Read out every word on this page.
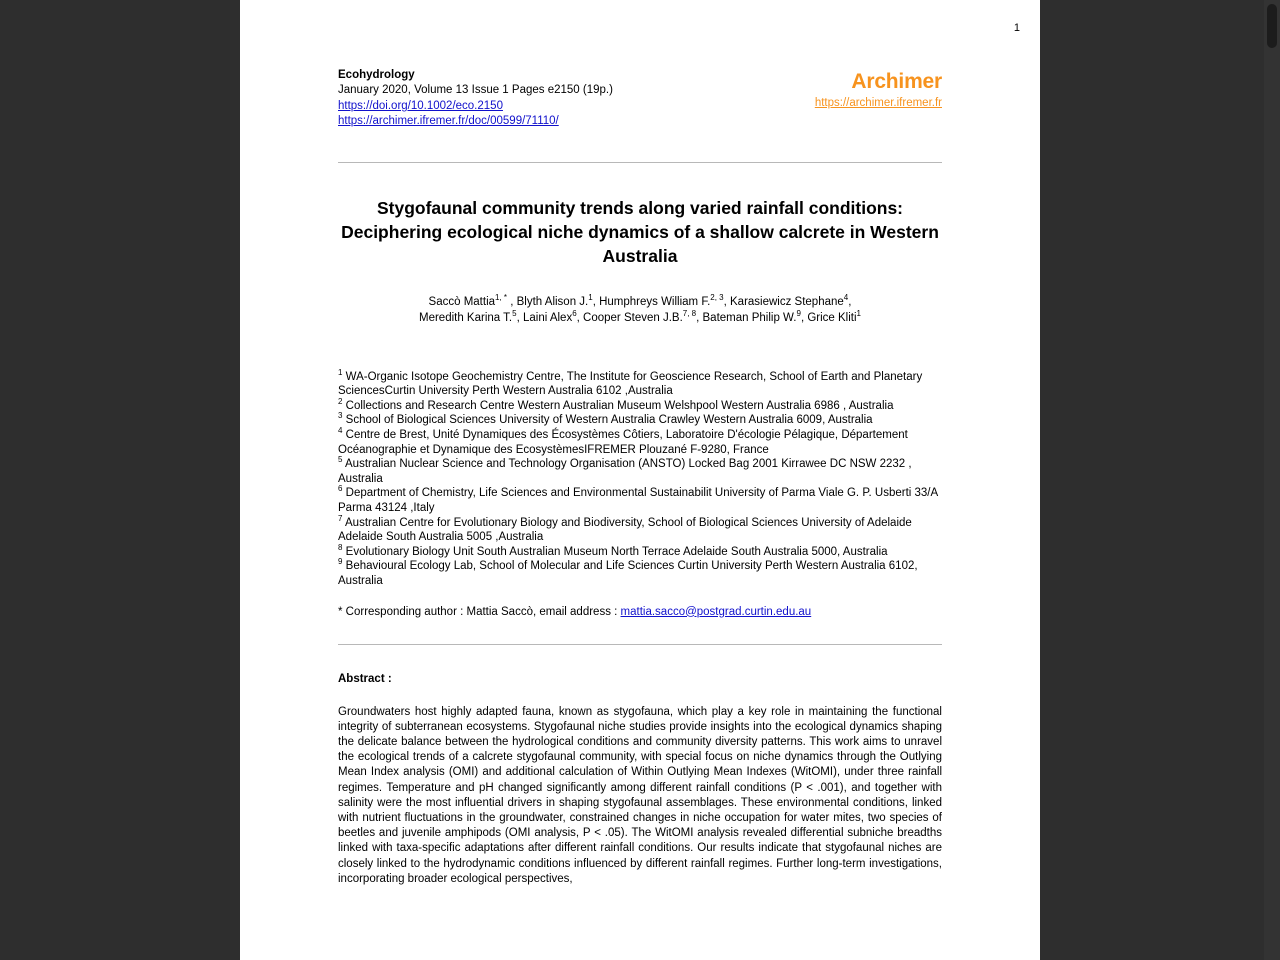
1
Ecohydrology
January 2020, Volume 13 Issue 1 Pages e2150 (19p.)
https://doi.org/10.1002/eco.2150
https://archimer.ifremer.fr/doc/00599/71110/
Archimer
https://archimer.ifremer.fr
Stygofaunal community trends along varied rainfall conditions: Deciphering ecological niche dynamics of a shallow calcrete in Western Australia
Saccò Mattia$^{1, *}$ , Blyth Alison J.$^1$, Humphreys William F.$^{2, 3}$, Karasiewicz Stephane$^4$,
Meredith Karina T.$^5$, Laini Alex$^6$, Cooper Steven J.B.$^{7, 8}$, Bateman Philip W.$^9$, Grice Kliti$^1$

$^1$ WA-Organic Isotope Geochemistry Centre, The Institute for Geoscience Research, School of Earth and Planetary SciencesCurtin University Perth Western Australia 6102 ,Australia

$^2$ Collections and Research Centre Western Australian Museum Welshpool Western Australia 6986 , Australia

$^3$ School of Biological Sciences University of Western Australia Crawley Western Australia 6009, Australia

$^4$ Centre de Brest, Unité Dynamiques des Écosystèmes Côtiers, Laboratoire D'écologie Pélagique, Département Océanographie et Dynamique des EcosystèmesIFREMER Plouzané F-9280, France

$^5$ Australian Nuclear Science and Technology Organisation (ANSTO) Locked Bag 2001 Kirrawee DC NSW 2232 , Australia

$^6$ Department of Chemistry, Life Sciences and Environmental Sustainabilit University of Parma Viale G. P. Usberti 33/A Parma 43124 ,Italy

$^7$ Australian Centre for Evolutionary Biology and Biodiversity, School of Biological Sciences University of Adelaide Adelaide South Australia 5005 ,Australia

$^8$ Evolutionary Biology Unit South Australian Museum North Terrace Adelaide South Australia 5000, Australia

$^9$ Behavioural Ecology Lab, School of Molecular and Life Sciences Curtin University Perth Western Australia 6102, Australia

* Corresponding author : Mattia Saccò, email address : mattia.sacco@postgrad.curtin.edu.au
Abstract :
Groundwaters host highly adapted fauna, known as stygofauna, which play a key role in maintaining the functional integrity of subterranean ecosystems. Stygofaunal niche studies provide insights into the ecological dynamics shaping the delicate balance between the hydrological conditions and community diversity patterns. This work aims to unravel the ecological trends of a calcrete stygofaunal community, with special focus on niche dynamics through the Outlying Mean Index analysis (OMI) and additional calculation of Within Outlying Mean Indexes (WitOMI), under three rainfall regimes. Temperature and pH changed significantly among different rainfall conditions (P < .001), and together with salinity were the most influential drivers in shaping stygofaunal assemblages. These environmental conditions, linked with nutrient fluctuations in the groundwater, constrained changes in niche occupation for water mites, two species of beetles and juvenile amphipods (OMI analysis, P < .05). The WitOMI analysis revealed differential subniche breadths linked with taxa-specific adaptations after different rainfall conditions. Our results indicate that stygofaunal niches are closely linked to the hydrodynamic conditions influenced by different rainfall regimes. Further long-term investigations, incorporating broader ecological perspectives,
